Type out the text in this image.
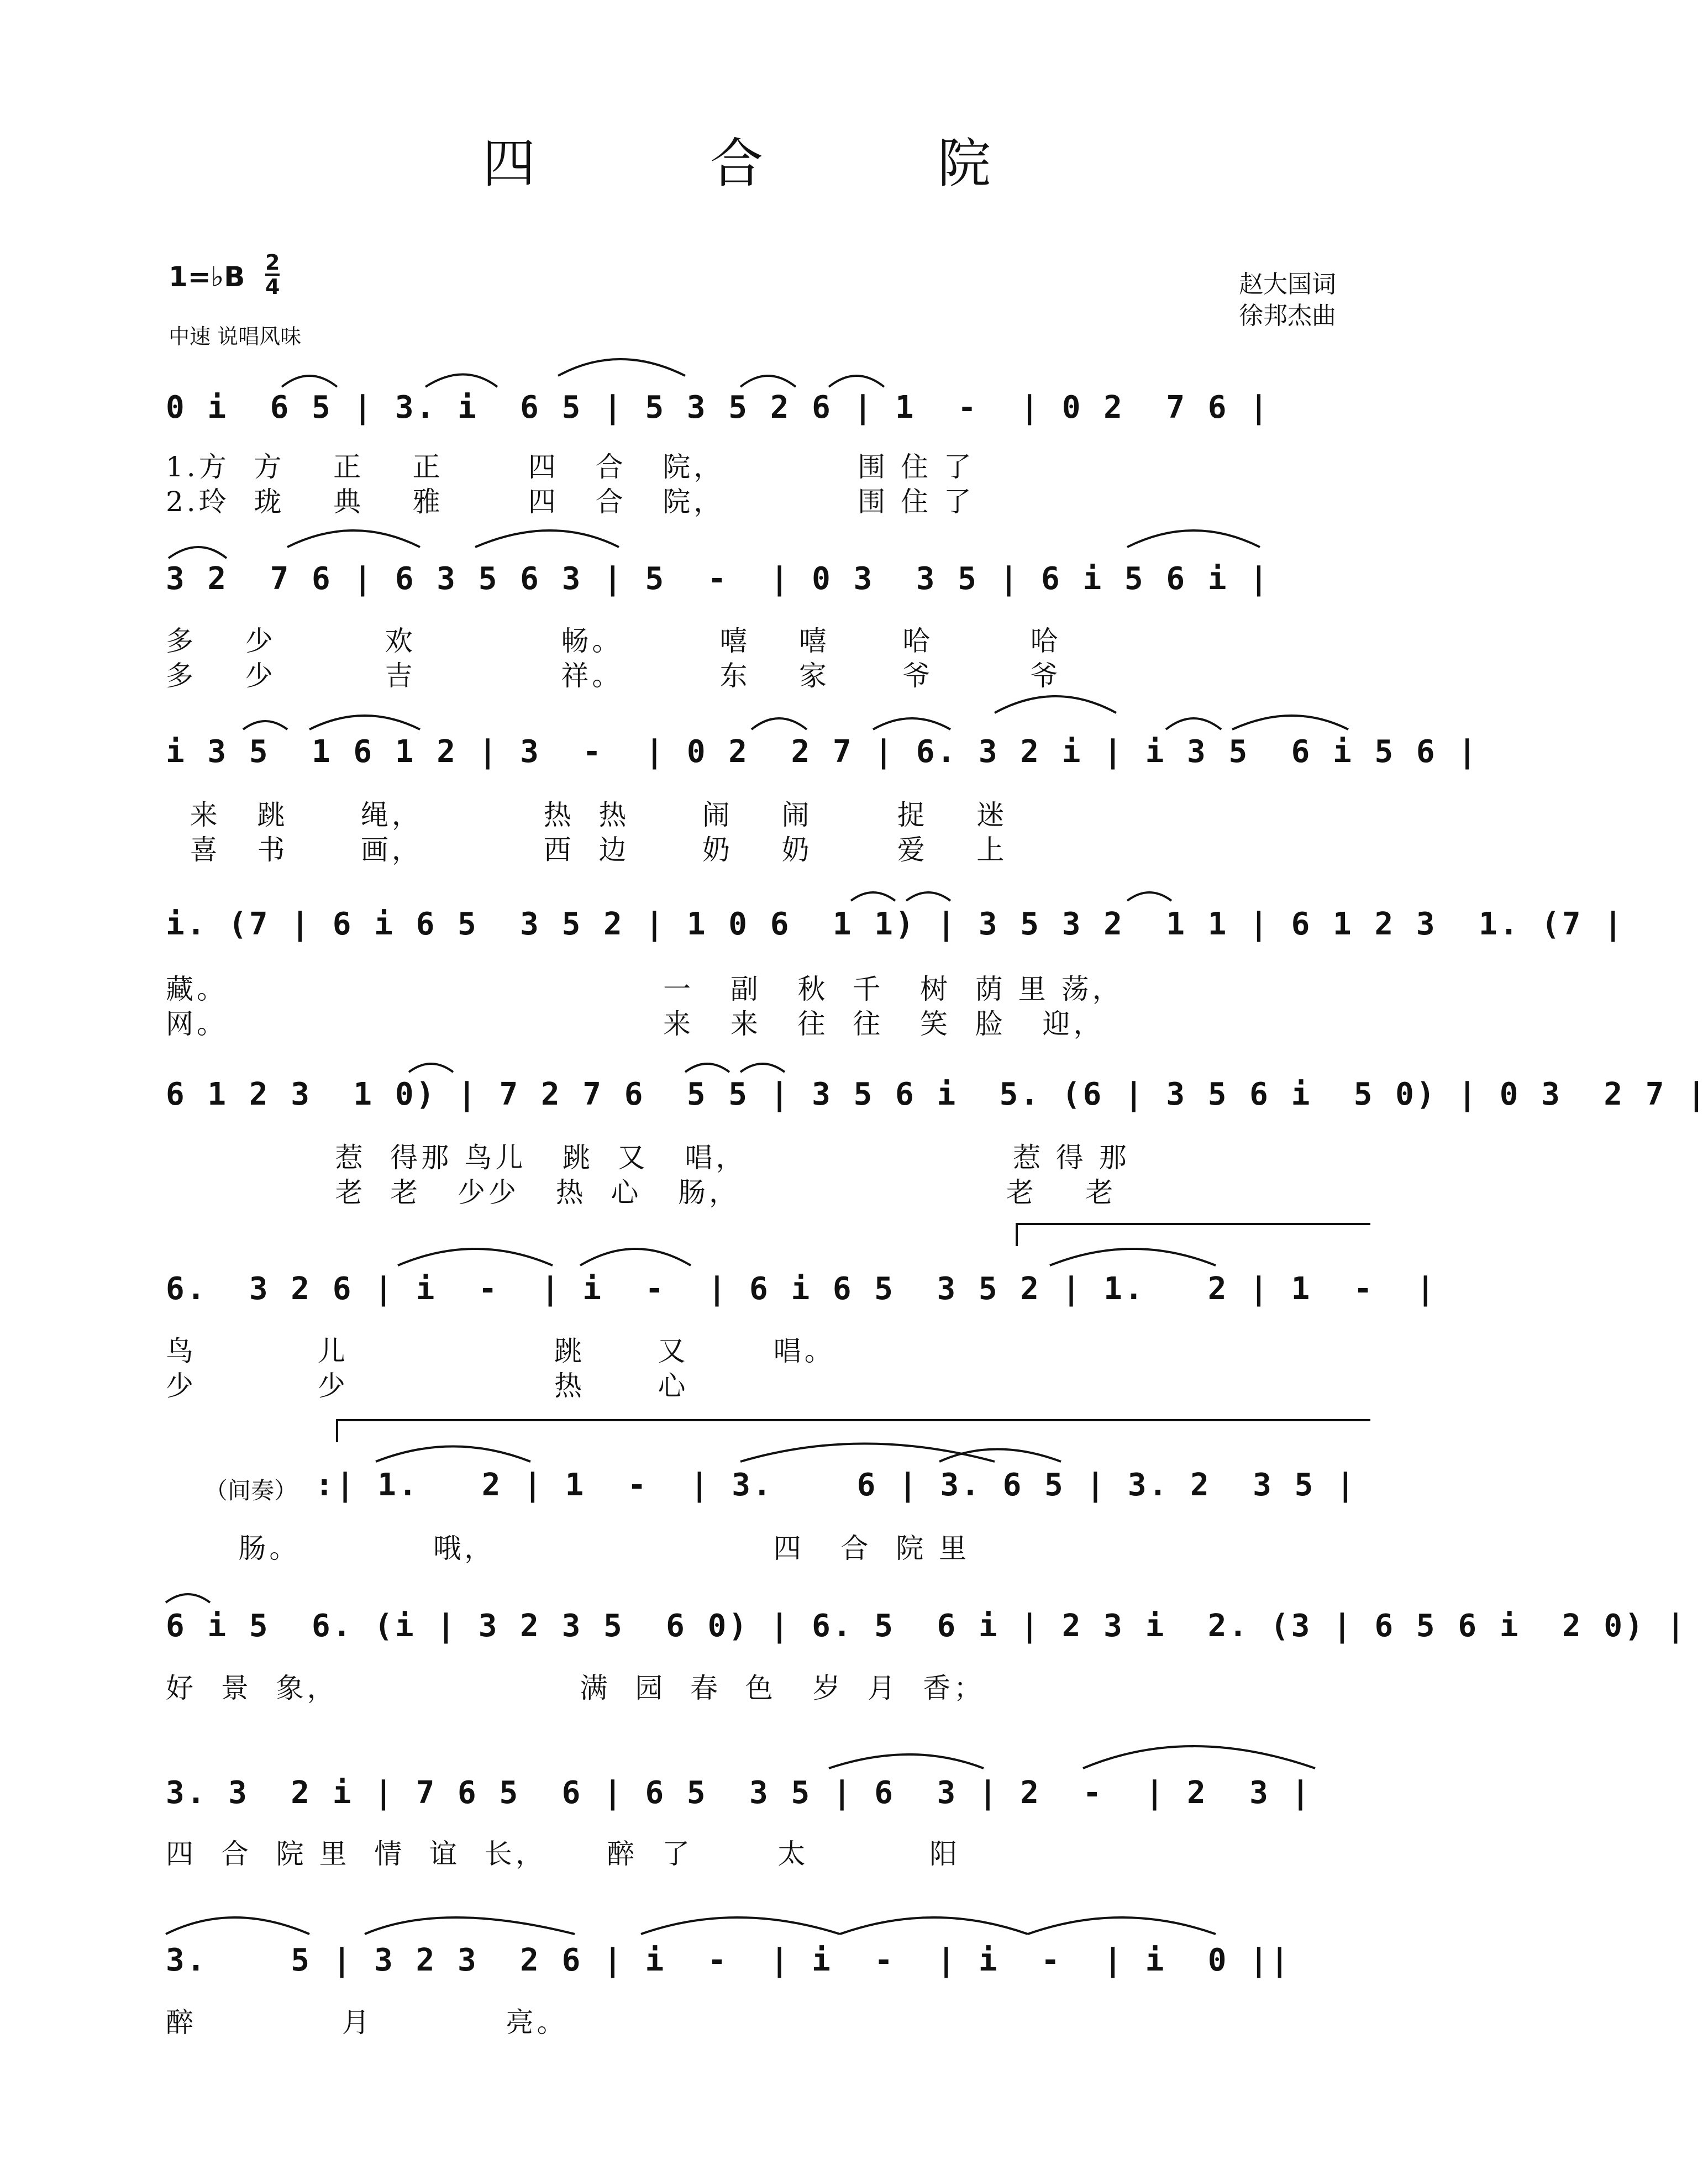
四　合　院
1=♭B 2
4
中速 说唱风味
赵大国词
徐邦杰曲
0 i  6 5 | 3. i  6 5 | 5 3 5 2 6 | 1  -  | 0 2  7 6 |
1.方  方    正    正       四   合   院，           围 住 了
2.玲  珑    典    雅       四   合   院，           围 住 了
3 2  7 6 | 6 3 5 6 3 | 5  -  | 0 3  3 5 | 6 i 5 6 i |
多    少         欢            畅。        嘻    嘻      哈        哈
多    少         吉            祥。        东    家      爷        爷
i 3 5  1 6 1 2 | 3  -  | 0 2  2 7 | 6. 3 2 i | i 3 5  6 i 5 6 |
来   跳      绳，          热  热      闹    闹       捉    迷
喜   书      画，          西  边      奶    奶       爱    上
i. (7 | 6 i 6 5  3 5 2 | 1 0 6  1 1) | 3 5 3 2  1 1 | 6 1 2 3  1. (7 |
藏。                                    一   副   秋  千   树  荫 里 荡，
网。                                    来   来   往  往   笑  脸   迎，
6 1 2 3  1 0) | 7 2 7 6  5 5 | 3 5 6 i  5. (6 | 3 5 6 i  5 0) | 0 3  2 7 |
惹  得那 鸟儿   跳  又   唱，                      惹 得 那
老  老   少少   热  心   肠，                      老    老
6.  3 2 6 | i  -  | i  -  | 6 i 6 5  3 5 2 | 1.   2 | 1  -  |
鸟          儿                 跳      又       唱。
少          少                 热      心
（间奏） :| 1.   2 | 1  -  | 3.    6 | 3. 6 5 | 3. 2  3 5 |
肠。           哦，                       四   合  院 里
6 i 5  6. (i | 3 2 3 5  6 0) | 6. 5  6 i | 2 3 i  2. (3 | 6 5 6 i  2 0) |
好  景  象，                    满  园  春  色   岁  月  香；
3. 3  2 i | 7 6 5  6 | 6 5  3 5 | 6  3 | 2  -  | 2  3 |
四  合  院 里  情  谊  长，     醉  了       太          阳
3.    5 | 3 2 3  2 6 | i  -  | i  -  | i  -  | i  0 ||
醉            月           亮。
